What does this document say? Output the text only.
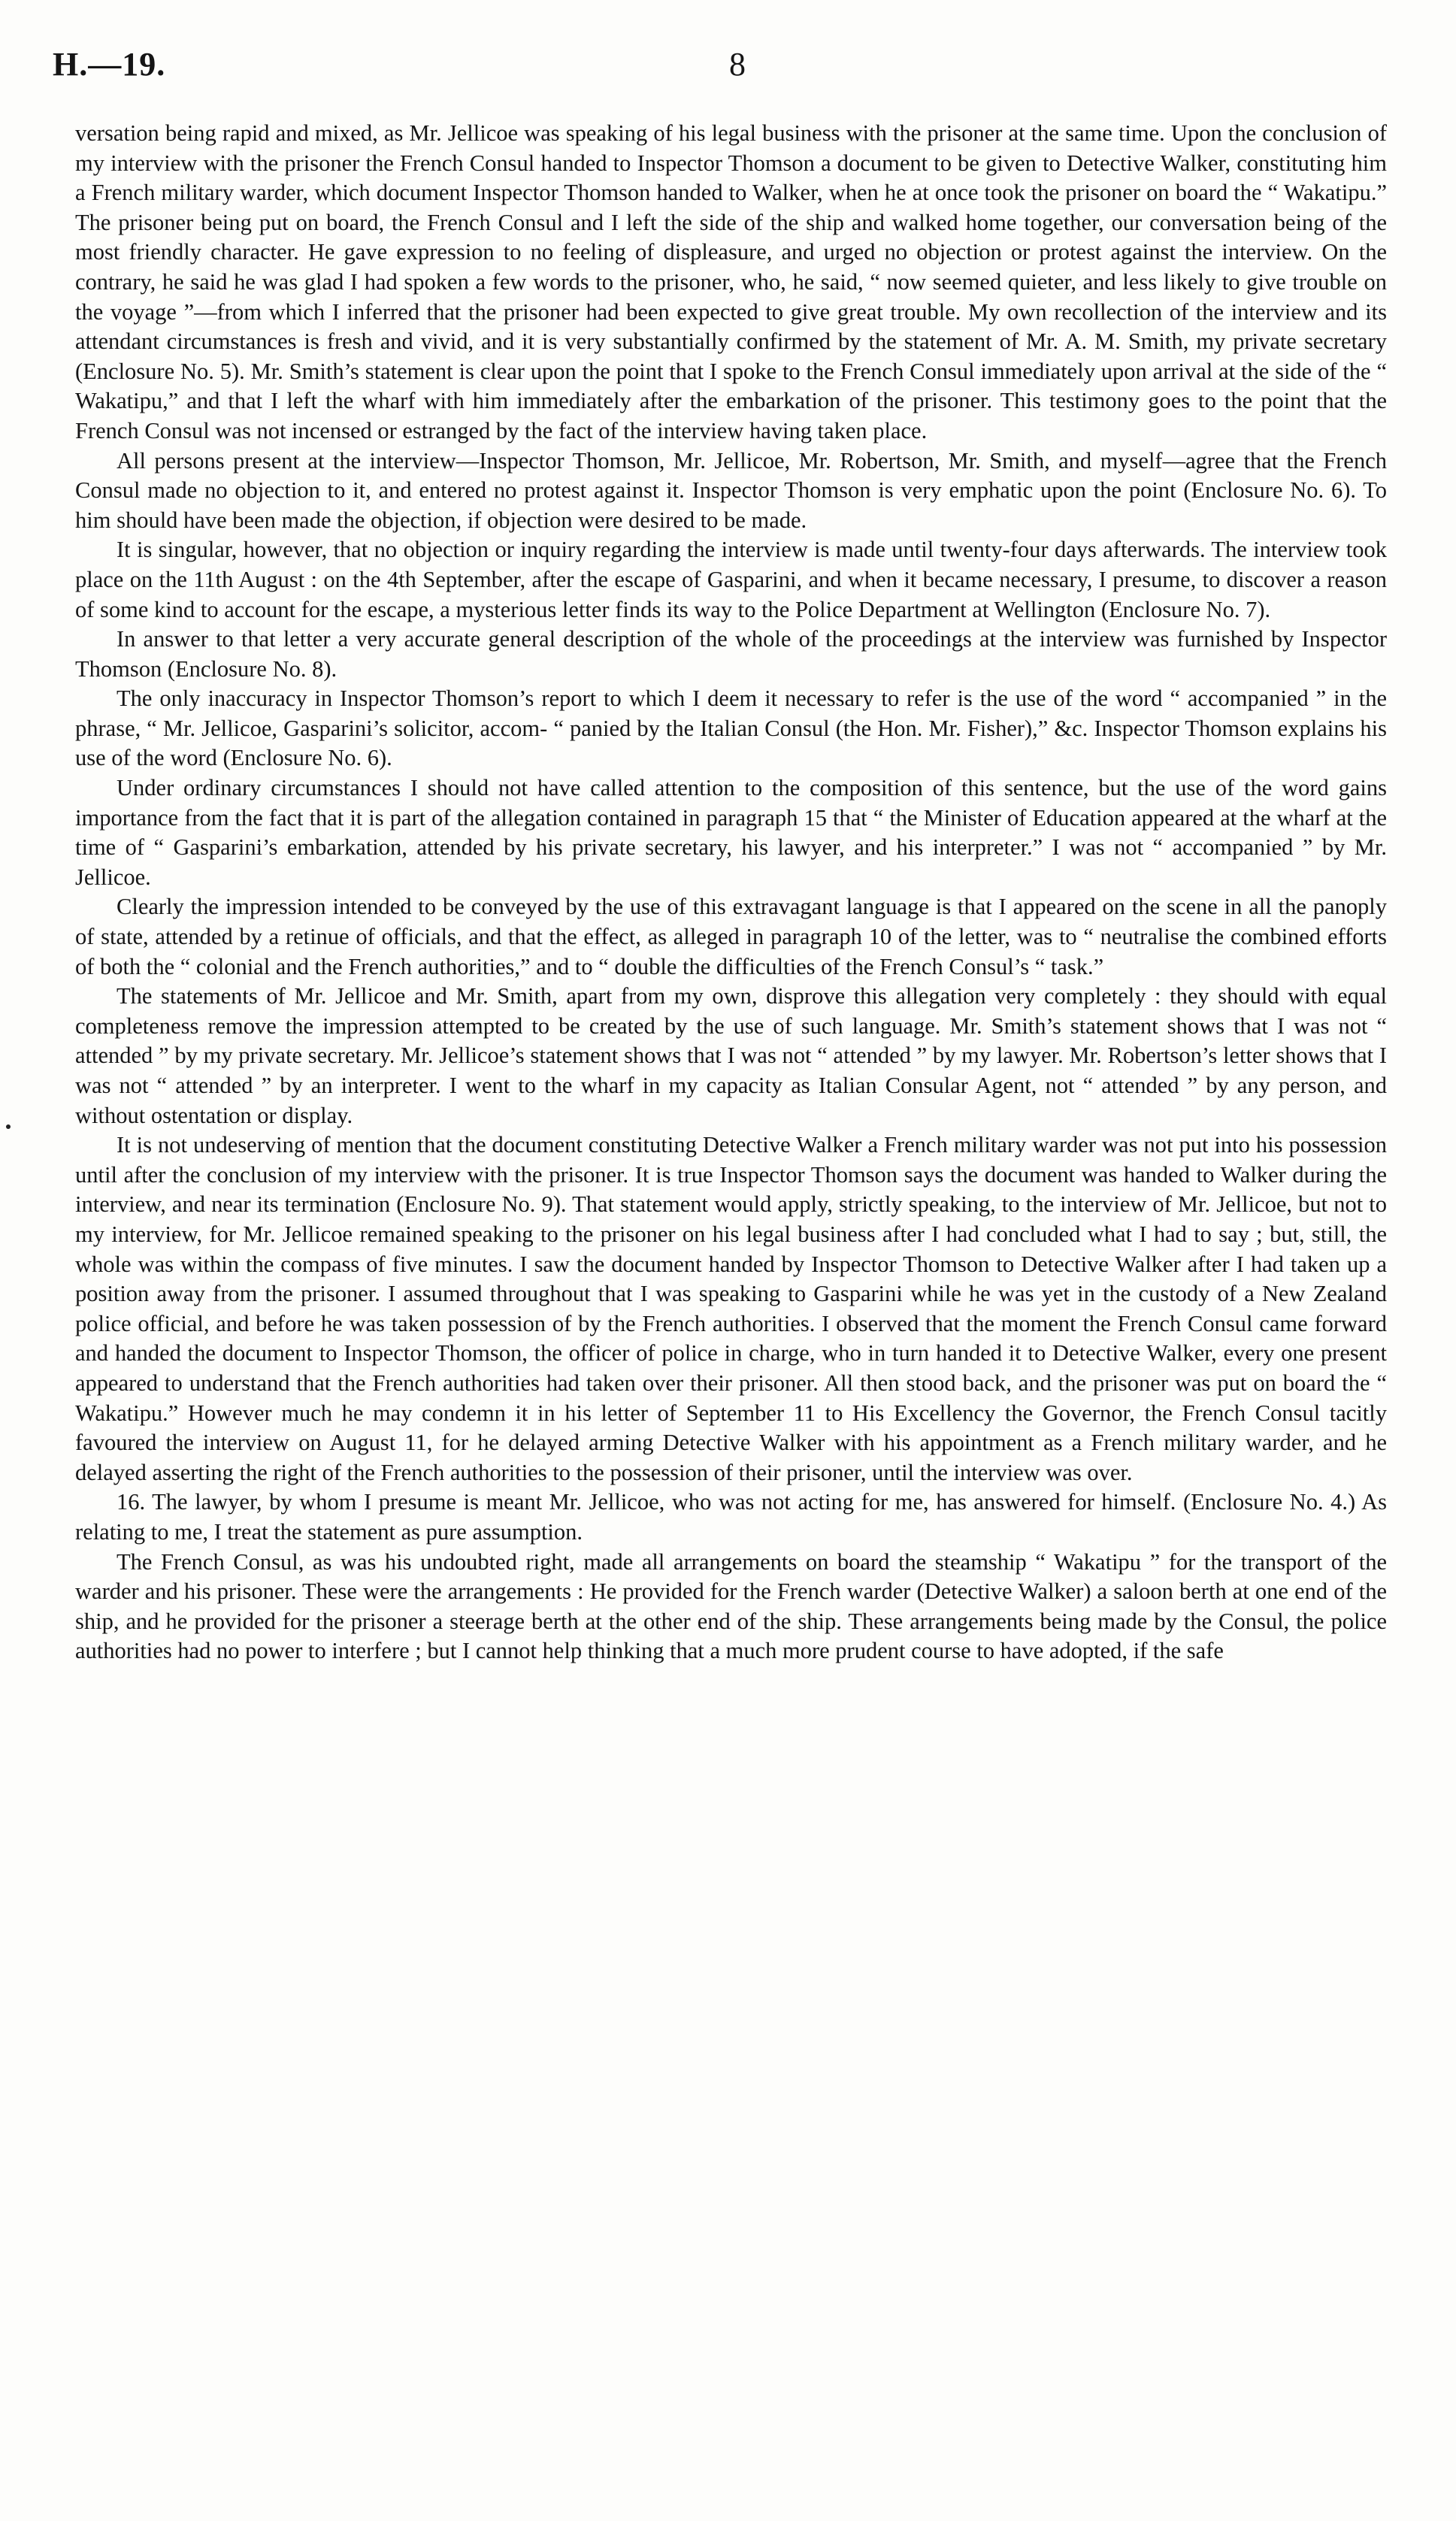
H.—19.	8

versation being rapid and mixed, as Mr. Jellicoe was speaking of his legal business with the prisoner at the same time. Upon the conclusion of my interview with the prisoner the French Consul handed to Inspector Thomson a document to be given to Detective Walker, constituting him a French military warder, which document Inspector Thomson handed to Walker, when he at once took the prisoner on board the “ Wakatipu.” The prisoner being put on board, the French Consul and I left the side of the ship and walked home together, our conversation being of the most friendly character. He gave expression to no feeling of displeasure, and urged no objection or protest against the interview. On the contrary, he said he was glad I had spoken a few words to the prisoner, who, he said, “ now seemed quieter, and less likely to give trouble on the voyage ”—from which I inferred that the prisoner had been expected to give great trouble. My own recollection of the interview and its attendant circumstances is fresh and vivid, and it is very substantially confirmed by the statement of Mr. A. M. Smith, my private secretary (Enclosure No. 5). Mr. Smith’s statement is clear upon the point that I spoke to the French Consul immediately upon arrival at the side of the “ Wakatipu,” and that I left the wharf with him immediately after the embarkation of the prisoner. This testimony goes to the point that the French Consul was not incensed or estranged by the fact of the interview having taken place.

All persons present at the interview—Inspector Thomson, Mr. Jellicoe, Mr. Robertson, Mr. Smith, and myself—agree that the French Consul made no objection to it, and entered no protest against it. Inspector Thomson is very emphatic upon the point (Enclosure No. 6). To him should have been made the objection, if objection were desired to be made.

It is singular, however, that no objection or inquiry regarding the interview is made until twenty-four days afterwards. The interview took place on the 11th August : on the 4th September, after the escape of Gasparini, and when it became necessary, I presume, to discover a reason of some kind to account for the escape, a mysterious letter finds its way to the Police Department at Wellington (Enclosure No. 7).

In answer to that letter a very accurate general description of the whole of the proceedings at the interview was furnished by Inspector Thomson (Enclosure No. 8).

The only inaccuracy in Inspector Thomson’s report to which I deem it necessary to refer is the use of the word “ accompanied ” in the phrase, “ Mr. Jellicoe, Gasparini’s solicitor, accom- “ panied by the Italian Consul (the Hon. Mr. Fisher),” &c. Inspector Thomson explains his use of the word (Enclosure No. 6).

Under ordinary circumstances I should not have called attention to the composition of this sentence, but the use of the word gains importance from the fact that it is part of the allegation contained in paragraph 15 that “ the Minister of Education appeared at the wharf at the time of “ Gasparini’s embarkation, attended by his private secretary, his lawyer, and his interpreter.” I was not “ accompanied ” by Mr. Jellicoe.

Clearly the impression intended to be conveyed by the use of this extravagant language is that I appeared on the scene in all the panoply of state, attended by a retinue of officials, and that the effect, as alleged in paragraph 10 of the letter, was to “ neutralise the combined efforts of both the “ colonial and the French authorities,” and to “ double the difficulties of the French Consul’s “ task.”

The statements of Mr. Jellicoe and Mr. Smith, apart from my own, disprove this allegation very completely : they should with equal completeness remove the impression attempted to be created by the use of such language. Mr. Smith’s statement shows that I was not “ attended ” by my private secretary. Mr. Jellicoe’s statement shows that I was not “ attended ” by my lawyer. Mr. Robertson’s letter shows that I was not “ attended ” by an interpreter. I went to the wharf in my capacity as Italian Consular Agent, not “ attended ” by any person, and without ostentation or display.

It is not undeserving of mention that the document constituting Detective Walker a French military warder was not put into his possession until after the conclusion of my interview with the prisoner. It is true Inspector Thomson says the document was handed to Walker during the interview, and near its termination (Enclosure No. 9). That statement would apply, strictly speaking, to the interview of Mr. Jellicoe, but not to my interview, for Mr. Jellicoe remained speaking to the prisoner on his legal business after I had concluded what I had to say ; but, still, the whole was within the compass of five minutes. I saw the document handed by Inspector Thomson to Detective Walker after I had taken up a position away from the prisoner. I assumed throughout that I was speaking to Gasparini while he was yet in the custody of a New Zealand police official, and before he was taken possession of by the French authorities. I observed that the moment the French Consul came forward and handed the document to Inspector Thomson, the officer of police in charge, who in turn handed it to Detective Walker, every one present appeared to understand that the French authorities had taken over their prisoner. All then stood back, and the prisoner was put on board the “ Wakatipu.” However much he may condemn it in his letter of September 11 to His Excellency the Governor, the French Consul tacitly favoured the interview on August 11, for he delayed arming Detective Walker with his appointment as a French military warder, and he delayed asserting the right of the French authorities to the possession of their prisoner, until the interview was over.

16. The lawyer, by whom I presume is meant Mr. Jellicoe, who was not acting for me, has answered for himself. (Enclosure No. 4.) As relating to me, I treat the statement as pure assumption.

The French Consul, as was his undoubted right, made all arrangements on board the steamship “ Wakatipu ” for the transport of the warder and his prisoner. These were the arrangements : He provided for the French warder (Detective Walker) a saloon berth at one end of the ship, and he provided for the prisoner a steerage berth at the other end of the ship. These arrangements being made by the Consul, the police authorities had no power to interfere ; but I cannot help thinking that a much more prudent course to have adopted, if the safe
